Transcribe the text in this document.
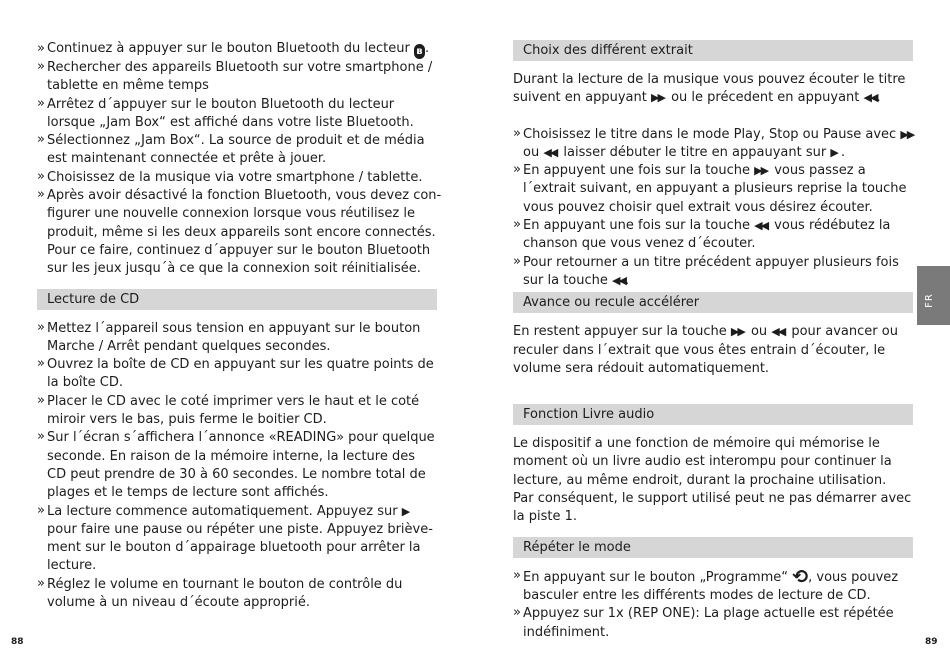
» Continuez à appuyer sur le bouton Bluetooth du lecteur ʙ .
» Rechercher des appareils Bluetooth sur votre smartphone /
tablette en même temps
» Arrêtez d´appuyer sur le bouton Bluetooth du lecteur
lorsque „Jam Box“ est affiché dans votre liste Bluetooth.
» Sélectionnez „Jam Box“. La source de produit et de média
est maintenant connectée et prête à jouer.
» Choisissez de la musique via votre smartphone / tablette.
» Après avoir désactivé la fonction Bluetooth, vous devez con-
figurer une nouvelle connexion lorsque vous réutilisez le
produit, même si les deux appareils sont encore connectés.
Pour ce faire, continuez d´appuyer sur le bouton Bluetooth
sur les jeux jusqu´à ce que la connexion soit réinitialisée.
Lecture de CD
» Mettez l´appareil sous tension en appuyant sur le bouton
Marche / Arrêt pendant quelques secondes.
» Ouvrez la boîte de CD en appuyant sur les quatre points de
la boîte CD.
» Placer le CD avec le coté imprimer vers le haut et le coté
miroir vers le bas, puis ferme le boitier CD.
» Sur l´écran s´affichera l´annonce «READING» pour quelque
seconde. En raison de la mémoire interne, la lecture des
CD peut prendre de 30 à 60 secondes. Le nombre total de
plages et le temps de lecture sont affichés.
» La lecture commence automatiquement. Appuyez sur ▶
pour faire une pause ou répéter une piste. Appuyez briève-
ment sur le bouton d´appairage bluetooth pour arrêter la
lecture.
» Réglez le volume en tournant le bouton de contrôle du
volume à un niveau d´écoute approprié.
Choix des différent extrait
Durant la lecture de la musique vous pouvez écouter le titre
suivent en appuyant ▶▶ ou le précedent en appuyant ◀◀.
» Choisissez le titre dans le mode Play, Stop ou Pause avec ▶▶
ou ◀◀ laisser débuter le titre en appauyant sur ▶ .
» En appuyent une fois sur la touche ▶▶ vous passez a
l´extrait suivant, en appuyant a plusieurs reprise la touche
vous pouvez choisir quel extrait vous désirez écouter.
» En appuyant une fois sur la touche ◀◀ vous rédébutez la
chanson que vous venez d´écouter.
» Pour retourner a un titre précédent appuyer plusieurs fois
sur la touche ◀◀.
Avance ou recule accélérer
En restent appuyer sur la touche ▶▶ ou ◀◀ pour avancer ou
reculer dans l´extrait que vous êtes entrain d´écouter, le
volume sera rédouit automatiquement.
Fonction Livre audio
Le dispositif a une fonction de mémoire qui mémorise le
moment où un livre audio est interompu pour continuer la
lecture, au même endroit, durant la prochaine utilisation.
Par conséquent, le support utilisé peut ne pas démarrer avec
la piste 1.
Répéter le mode
» En appuyant sur le bouton „Programme“ ⟲, vous pouvez
basculer entre les différents modes de lecture de CD.
» Appuyez sur 1x (REP ONE): La plage actuelle est répétée
indéfiniment.
FR
88	89
